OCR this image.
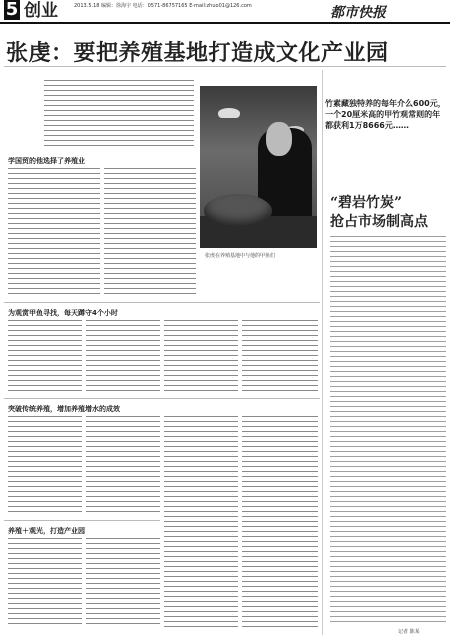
5 创业	2013.5.18 编辑：徐海宇 电话：0571-86757165 E-mail:zhuo01@126.com	都市快报
张虔：要把养殖基地打造成文化产业园
学国贸的他选择了养殖业
张虔在养殖基地中与他的甲鱼们
为观赏甲鱼寻找，每天蹲守4个小时
突破传统养殖，增加养殖增水的成效
养殖＋观光，打造产业园
竹素藏独特养的每年介么600元，一个20厘米高的甲竹观常则的年都获利1万8666元……
“碧岩竹炭”
抢占市场制高点
记者 陈某
